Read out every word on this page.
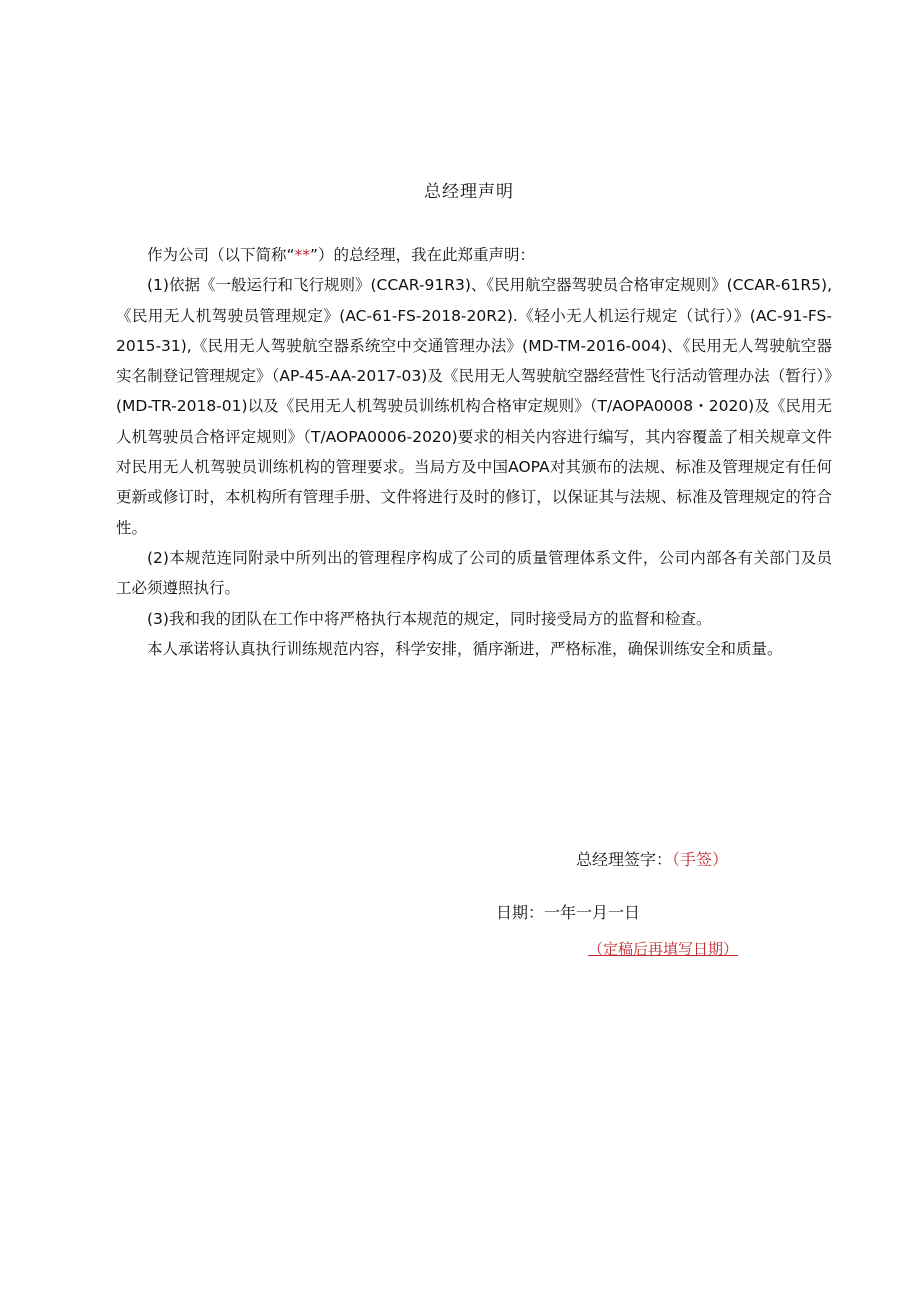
总经理声明

作为公司（以下简称“**”）的总经理，我在此郑重声明：

(1)依据《一般运行和飞行规则》(CCAR-91R3)、《民用航空器驾驶员合格审定规则》(CCAR-61R5),《民用无人机驾驶员管理规定》(AC-61-FS-2018-20R2).《轻小无人机运行规定（试行）》(AC-91-FS-2015-31),《民用无人驾驶航空器系统空中交通管理办法》(MD-TM-2016-004)、《民用无人驾驶航空器实名制登记管理规定》（AP-45-AA-2017-03)及《民用无人驾驶航空器经营性飞行活动管理办法（暂行）》(MD-TR-2018-01)以及《民用无人机驾驶员训练机构合格审定规则》（T/AOPA0008・2020)及《民用无人机驾驶员合格评定规则》（T/AOPA0006-2020)要求的相关内容进行编写，其内容覆盖了相关规章文件对民用无人机驾驶员训练机构的管理要求。当局方及中国AOPA对其颁布的法规、标准及管理规定有任何更新或修订时，本机构所有管理手册、文件将进行及时的修订，以保证其与法规、标准及管理规定的符合性。

(2)本规范连同附录中所列出的管理程序构成了公司的质量管理体系文件，公司内部各有关部门及员工必须遵照执行。

(3)我和我的团队在工作中将严格执行本规范的规定，同时接受局方的监督和检查。

本人承诺将认真执行训练规范内容，科学安排，循序渐进，严格标准，确保训练安全和质量。

总经理签字：（手签）
日期：一年一月一日
（定稿后再填写日期）
